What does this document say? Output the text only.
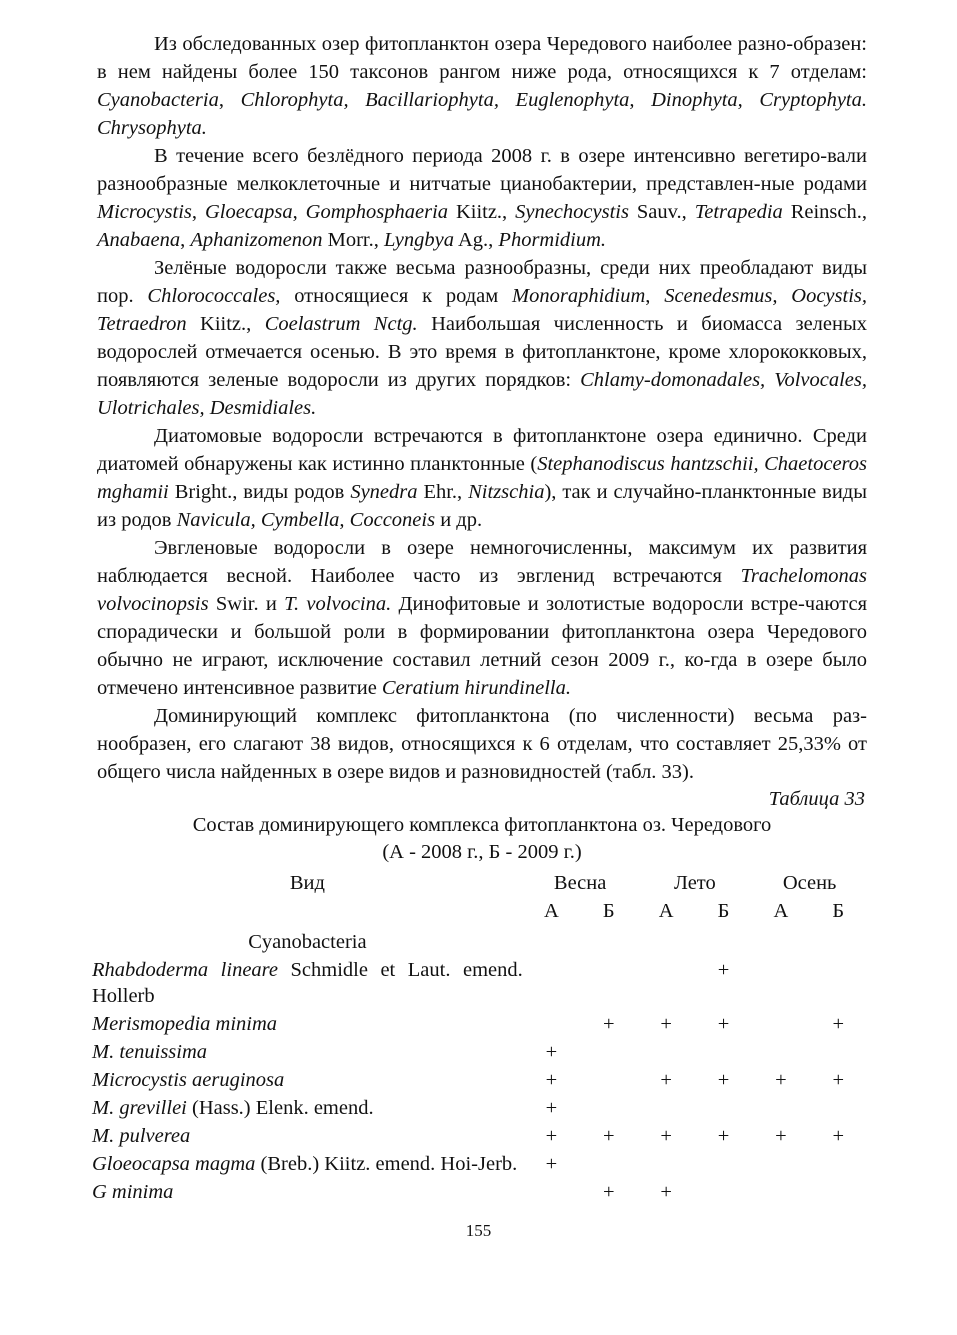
Из обследованных озер фитопланктон озера Чередового наиболее разно-образен: в нем найдены более 150 таксонов рангом ниже рода, относящихся к 7 отделам: Cyanobacteria, Chlorophyta, Bacillariophyta, Euglenophyta, Dinophyta, Cryptophyta. Chrysophyta.

В течение всего безлёдного периода 2008 г. в озере интенсивно вегетиро-вали разнообразные мелкоклеточные и нитчатые цианобактерии, представлен-ные родами Microcystis, Gloecapsa, Gomphosphaeria Kiitz., Synechocystis Sauv., Tetrapedia Reinsch., Anabaena, Aphanizomenon Morr., Lyngbya Ag., Phormidium.

Зелёные водоросли также весьма разнообразны, среди них преобладают виды пор. Chlorococcales, относящиеся к родам Monoraphidium, Scenedesmus, Oocystis, Tetraedron Kiitz., Coelastrum Nctg. Наибольшая численность и биомасса зеленых водорослей отмечается осенью. В это время в фитопланктоне, кроме хлорококковых, появляются зеленые водоросли из других порядков: Chlamy-domonadales, Volvocales, Ulotrichales, Desmidiales.

Диатомовые водоросли встречаются в фитопланктоне озера единично. Среди диатомей обнаружены как истинно планктонные (Stephanodiscus hantzschii, Chaetoceros mghamii Bright., виды родов Synedra Ehr., Nitzschia), так и случайно-планктонные виды из родов Navicula, Cymbella, Cocconeis и др.

Эвгленовые водоросли в озере немногочисленны, максимум их развития наблюдается весной. Наиболее часто из эвгленид встречаются Trachelomonas volvocinopsis Swir. и T. volvocina. Динофитовые и золотистые водоросли встре-чаются спорадически и большой роли в формировании фитопланктона озера Чередового обычно не играют, исключение составил летний сезон 2009 г., ко-гда в озере было отмечено интенсивное развитие Ceratium hirundinella.

Доминирующий комплекс фитопланктона (по численности) весьма раз-нообразен, его слагают 38 видов, относящихся к 6 отделам, что составляет 25,33% от общего числа найденных в озере видов и разновидностей (табл. 33).

Таблица 33

Состав доминирующего комплекса фитопланктона оз. Чередового

(А - 2008 г., Б - 2009 г.)

Вид	Весна		Лето		Осень	
	А	Б	А	Б	А	Б
Cyanobacteria						
Rhabdoderma lineare Schmidle et Laut. emend. Hollerb				+		
Merismopedia minima		+	+	+		+
M. tenuissima	+					
Microcystis aeruginosa	+		+	+	+	+
M. grevillei (Hass.) Elenk. emend.	+					
M. pulverea	+	+	+	+	+	+
Gloeocapsa magma (Breb.) Kiitz. emend. Hoi-Jerb.	+					
G minima		+	+			
155
